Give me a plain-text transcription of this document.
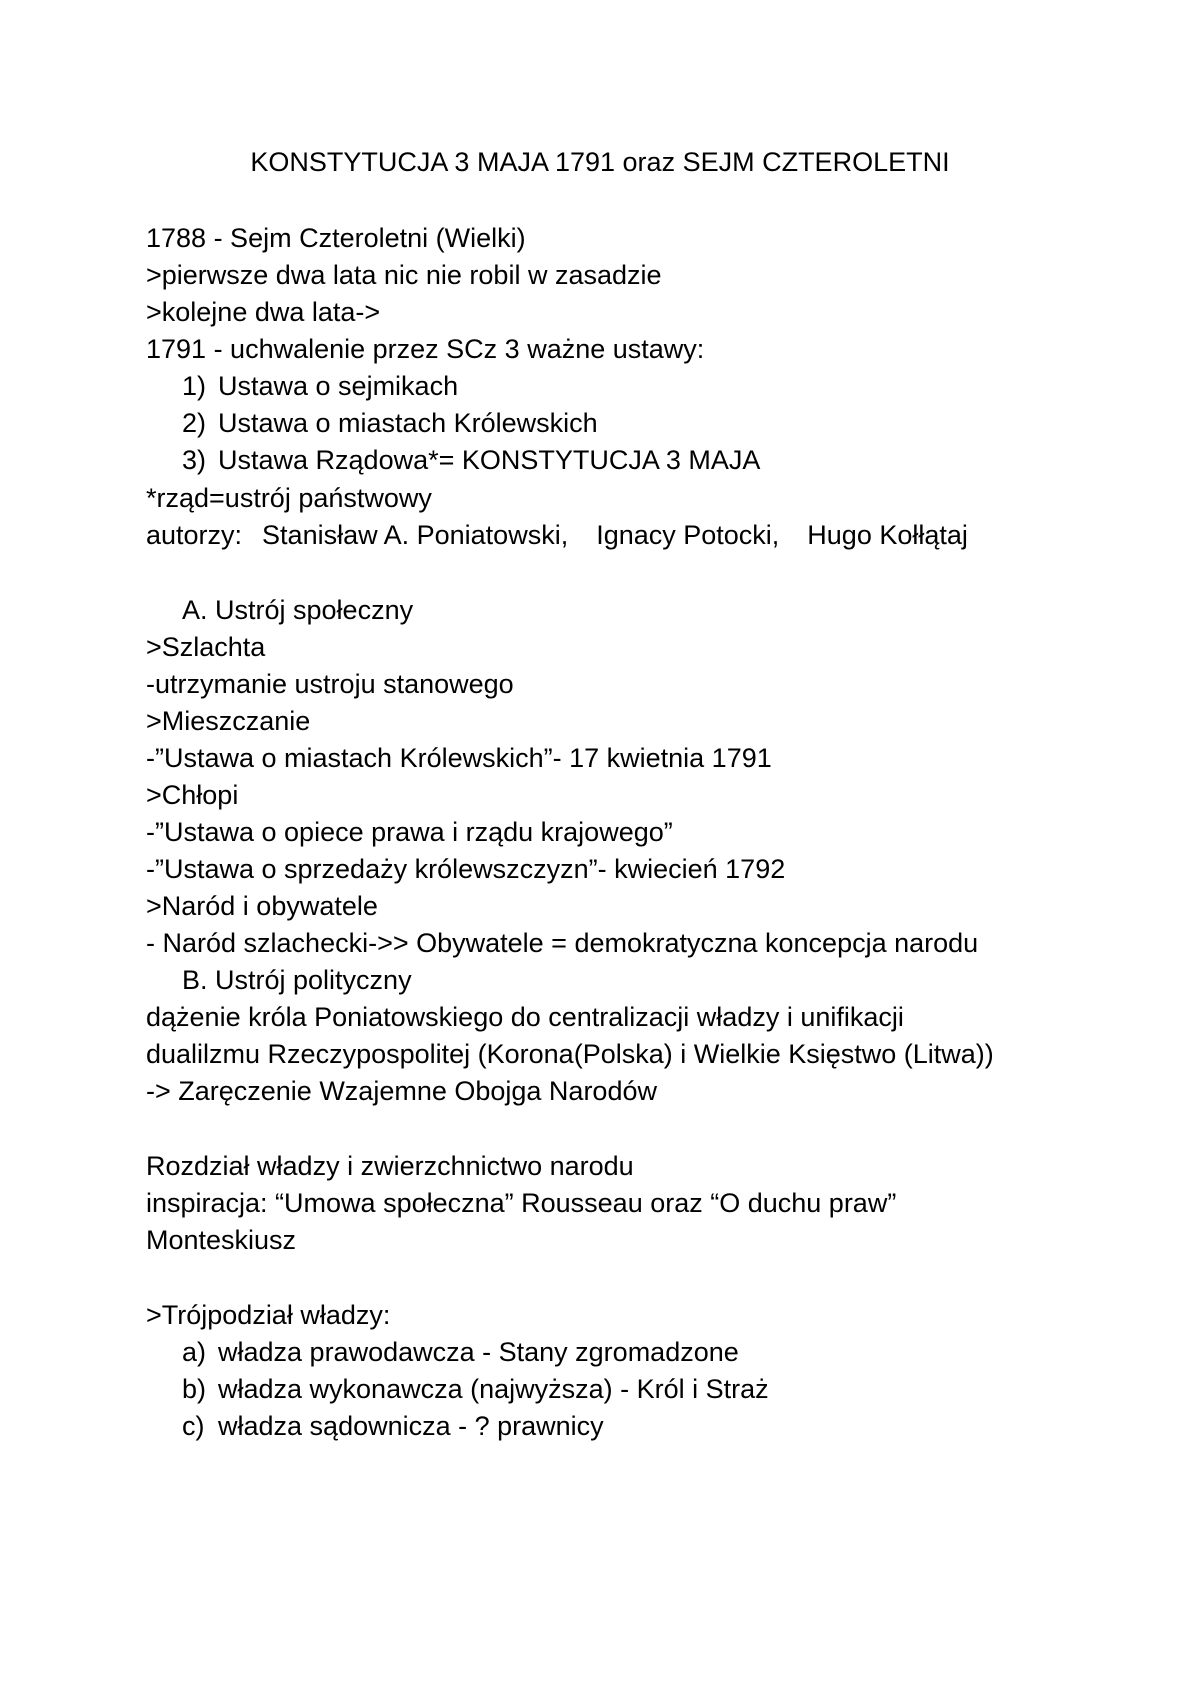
KONSTYTUCJA 3 MAJA 1791 oraz SEJM CZTEROLETNI
1788 - Sejm Czteroletni (Wielki)
>pierwsze dwa lata nic nie robil w zasadzie
>kolejne dwa lata->
1791 - uchwalenie przez SCz 3 ważne ustawy:
1) Ustawa o sejmikach
2) Ustawa o miastach Królewskich
3) Ustawa Rządowa*= KONSTYTUCJA 3 MAJA
*rząd=ustrój państwowy
autorzy: Stanisław A. Poniatowski, Ignacy Potocki, Hugo Kołłątaj
A. Ustrój społeczny
>Szlachta
-utrzymanie ustroju stanowego
>Mieszczanie
-”Ustawa o miastach Królewskich”- 17 kwietnia 1791
>Chłopi
-”Ustawa o opiece prawa i rządu krajowego”
-”Ustawa o sprzedaży królewszczyzn”- kwiecień 1792
>Naród i obywatele
- Naród szlachecki->> Obywatele = demokratyczna koncepcja narodu
B. Ustrój polityczny
dążenie króla Poniatowskiego do centralizacji władzy i unifikacji
dualilzmu Rzeczypospolitej (Korona(Polska) i Wielkie Księstwo (Litwa))
-> Zaręczenie Wzajemne Obojga Narodów
Rozdział władzy i zwierzchnictwo narodu
inspiracja: “Umowa społeczna” Rousseau oraz “O duchu praw”
Monteskiusz
>Trójpodział władzy:
a) władza prawodawcza - Stany zgromadzone
b) władza wykonawcza (najwyższa) - Król i Straż
c) władza sądownicza - ? prawnicy
